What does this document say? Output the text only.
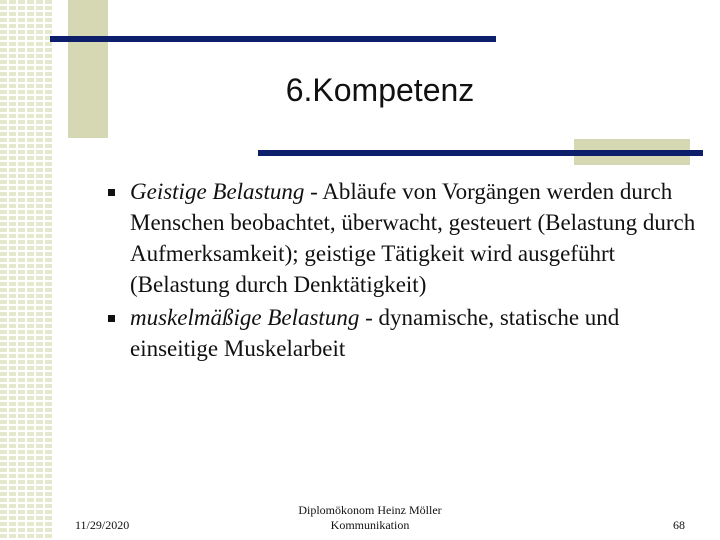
6.Kompetenz
Geistige Belastung - Abläufe von Vorgängen werden durch Menschen beobachtet, überwacht, gesteuert (Belastung durch Aufmerksamkeit); geistige Tätigkeit wird ausgeführt (Belastung durch Denktätigkeit)
muskelmäßige Belastung - dynamische, statische und einseitige Muskelarbeit
11/29/2020
Diplomökonom Heinz Möller
Kommunikation	68
